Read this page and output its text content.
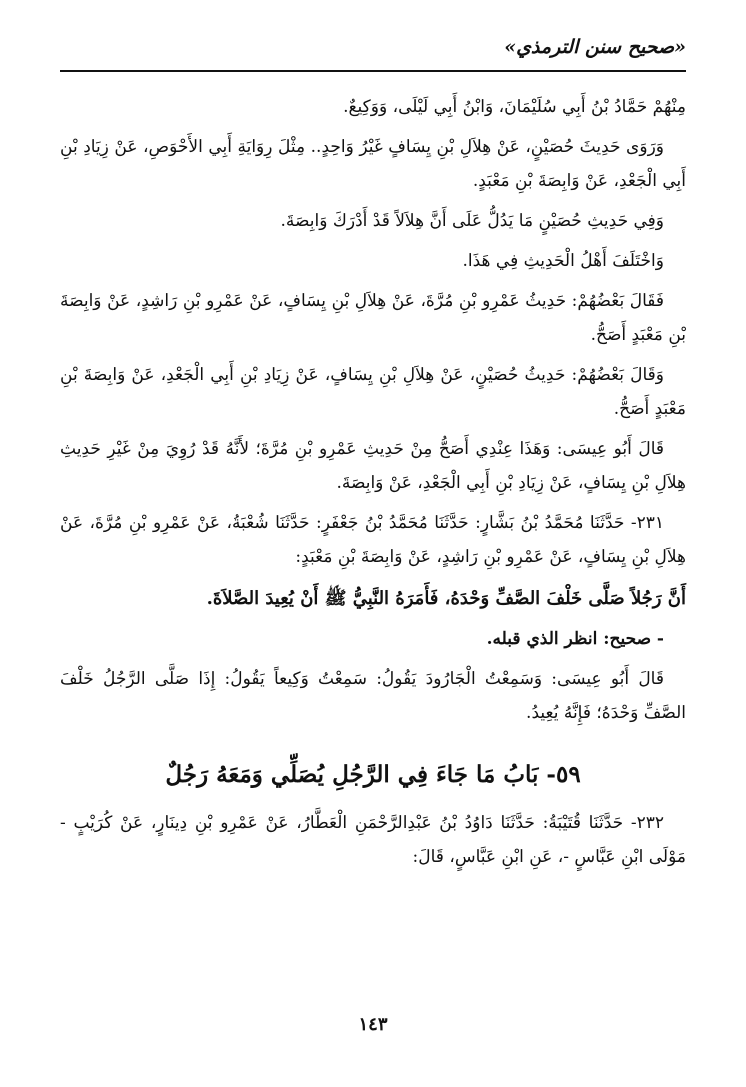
«صحيح سنن الترمذي»

مِنْهُمْ حَمَّادُ بْنُ أَبِي سُلَيْمَانَ، وَابْنُ أَبِي لَيْلَى، وَوَكِيعٌ.

وَرَوَى حَدِيثَ حُصَيْنٍ، عَنْ هِلاَلِ بْنِ يِسَافٍ غَيْرُ وَاحِدٍ.. مِثْلَ رِوَايَةِ أَبِي الأَحْوَصِ، عَنْ زِيَادِ بْنِ أَبِي الْجَعْدِ، عَنْ وَابِصَةَ بْنِ مَعْبَدٍ.

وَفِي حَدِيثِ حُصَيْنٍ مَا يَدُلُّ عَلَى أَنَّ هِلاَلاً قَدْ أَدْرَكَ وَابِصَةَ.

وَاخْتَلَفَ أَهْلُ الْحَدِيثِ فِي هَذَا.

فَقَالَ بَعْضُهُمْ: حَدِيثُ عَمْرِو بْنِ مُرَّةَ، عَنْ هِلاَلِ بْنِ يِسَافٍ، عَنْ عَمْرِو بْنِ رَاشِدٍ، عَنْ وَابِصَةَ بْنِ مَعْبَدٍ أَصَحُّ.

وَقَالَ بَعْضُهُمْ: حَدِيثُ حُصَيْنٍ، عَنْ هِلاَلِ بْنِ يِسَافٍ، عَنْ زِيَادِ بْنِ أَبِي الْجَعْدِ، عَنْ وَابِصَةَ بْنِ مَعْبَدٍ أَصَحُّ.

قَالَ أَبُو عِيسَى: وَهَذَا عِنْدِي أَصَحُّ مِنْ حَدِيثِ عَمْرِو بْنِ مُرَّةَ؛ لأَنَّهُ قَدْ رُوِيَ مِنْ غَيْرِ حَدِيثِ هِلاَلِ بْنِ يِسَافٍ، عَنْ زِيَادِ بْنِ أَبِي الْجَعْدِ، عَنْ وَابِصَةَ.

٢٣١- حَدَّثَنَا مُحَمَّدُ بْنُ بَشَّارٍ: حَدَّثَنَا مُحَمَّدُ بْنُ جَعْفَرٍ: حَدَّثَنَا شُعْبَةُ، عَنْ عَمْرِو بْنِ مُرَّةَ، عَنْ هِلاَلِ بْنِ يِسَافٍ، عَنْ عَمْرِو بْنِ رَاشِدٍ، عَنْ وَابِصَةَ بْنِ مَعْبَدٍ:

أَنَّ رَجُلاً صَلَّى خَلْفَ الصَّفِّ وَحْدَهُ، فَأَمَرَهُ النَّبِيُّ ﷺ أَنْ يُعِيدَ الصَّلاَةَ.

- صحيح: انظر الذي قبله.

قَالَ أَبُو عِيسَى: وَسَمِعْتُ الْجَارُودَ يَقُولُ: سَمِعْتُ وَكِيعاً يَقُولُ: إِذَا صَلَّى الرَّجُلُ خَلْفَ الصَّفِّ وَحْدَهُ؛ فَإِنَّهُ يُعِيدُ.

٥٩- بَابُ مَا جَاءَ فِي الرَّجُلِ يُصَلِّي وَمَعَهُ رَجُلٌ

٢٣٢- حَدَّثَنَا قُتَيْبَةُ: حَدَّثَنَا دَاوُدُ بْنُ عَبْدِالرَّحْمَنِ الْعَطَّارُ، عَنْ عَمْرِو بْنِ دِينَارٍ، عَنْ كُرَيْبٍ - مَوْلَى ابْنِ عَبَّاسٍ -، عَنِ ابْنِ عَبَّاسٍ، قَالَ:

١٤٣
